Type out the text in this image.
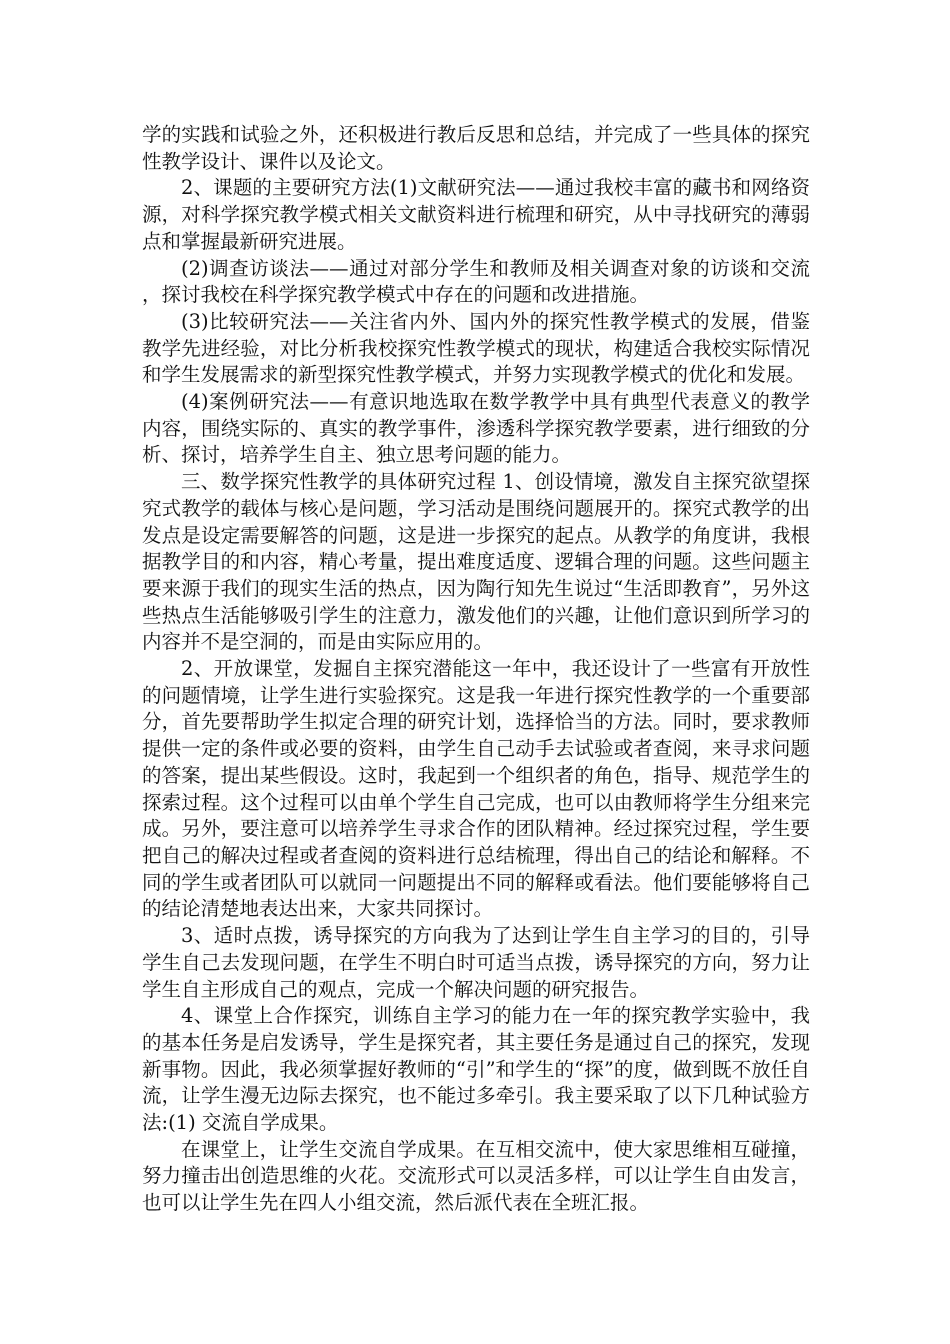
学的实践和试验之外，还积极进行教后反思和总结，并完成了一些具体的探究性教学设计、课件以及论文。

2、课题的主要研究方法(1)文献研究法——通过我校丰富的藏书和网络资源，对科学探究教学模式相关文献资料进行梳理和研究，从中寻找研究的薄弱点和掌握最新研究进展。

(2)调查访谈法——通过对部分学生和教师及相关调查对象的访谈和交流，探讨我校在科学探究教学模式中存在的问题和改进措施。

(3)比较研究法——关注省内外、国内外的探究性教学模式的发展，借鉴教学先进经验，对比分析我校探究性教学模式的现状，构建适合我校实际情况和学生发展需求的新型探究性教学模式，并努力实现教学模式的优化和发展。

(4)案例研究法——有意识地选取在数学教学中具有典型代表意义的教学内容，围绕实际的、真实的教学事件，渗透科学探究教学要素，进行细致的分析、探讨，培养学生自主、独立思考问题的能力。

三、数学探究性教学的具体研究过程 1、创设情境，激发自主探究欲望探究式教学的载体与核心是问题，学习活动是围绕问题展开的。探究式教学的出发点是设定需要解答的问题，这是进一步探究的起点。从教学的角度讲，我根据教学目的和内容，精心考量，提出难度适度、逻辑合理的问题。这些问题主要来源于我们的现实生活的热点，因为陶行知先生说过“生活即教育”，另外这些热点生活能够吸引学生的注意力，激发他们的兴趣，让他们意识到所学习的内容并不是空洞的，而是由实际应用的。

2、开放课堂，发掘自主探究潜能这一年中，我还设计了一些富有开放性的问题情境，让学生进行实验探究。这是我一年进行探究性教学的一个重要部分，首先要帮助学生拟定合理的研究计划，选择恰当的方法。同时，要求教师提供一定的条件或必要的资料，由学生自己动手去试验或者查阅，来寻求问题的答案，提出某些假设。这时，我起到一个组织者的角色，指导、规范学生的探索过程。这个过程可以由单个学生自己完成，也可以由教师将学生分组来完成。另外，要注意可以培养学生寻求合作的团队精神。经过探究过程，学生要把自己的解决过程或者查阅的资料进行总结梳理，得出自己的结论和解释。不同的学生或者团队可以就同一问题提出不同的解释或看法。他们要能够将自己的结论清楚地表达出来，大家共同探讨。

3、适时点拨，诱导探究的方向我为了达到让学生自主学习的目的，引导学生自己去发现问题，在学生不明白时可适当点拨，诱导探究的方向，努力让学生自主形成自己的观点，完成一个解决问题的研究报告。

4、课堂上合作探究，训练自主学习的能力在一年的探究教学实验中，我的基本任务是启发诱导，学生是探究者，其主要任务是通过自己的探究，发现新事物。因此，我必须掌握好教师的“引”和学生的“探”的度，做到既不放任自流，让学生漫无边际去探究，也不能过多牵引。我主要采取了以下几种试验方法:(1) 交流自学成果。

在课堂上，让学生交流自学成果。在互相交流中，使大家思维相互碰撞，努力撞击出创造思维的火花。交流形式可以灵活多样，可以让学生自由发言，也可以让学生先在四人小组交流，然后派代表在全班汇报。
